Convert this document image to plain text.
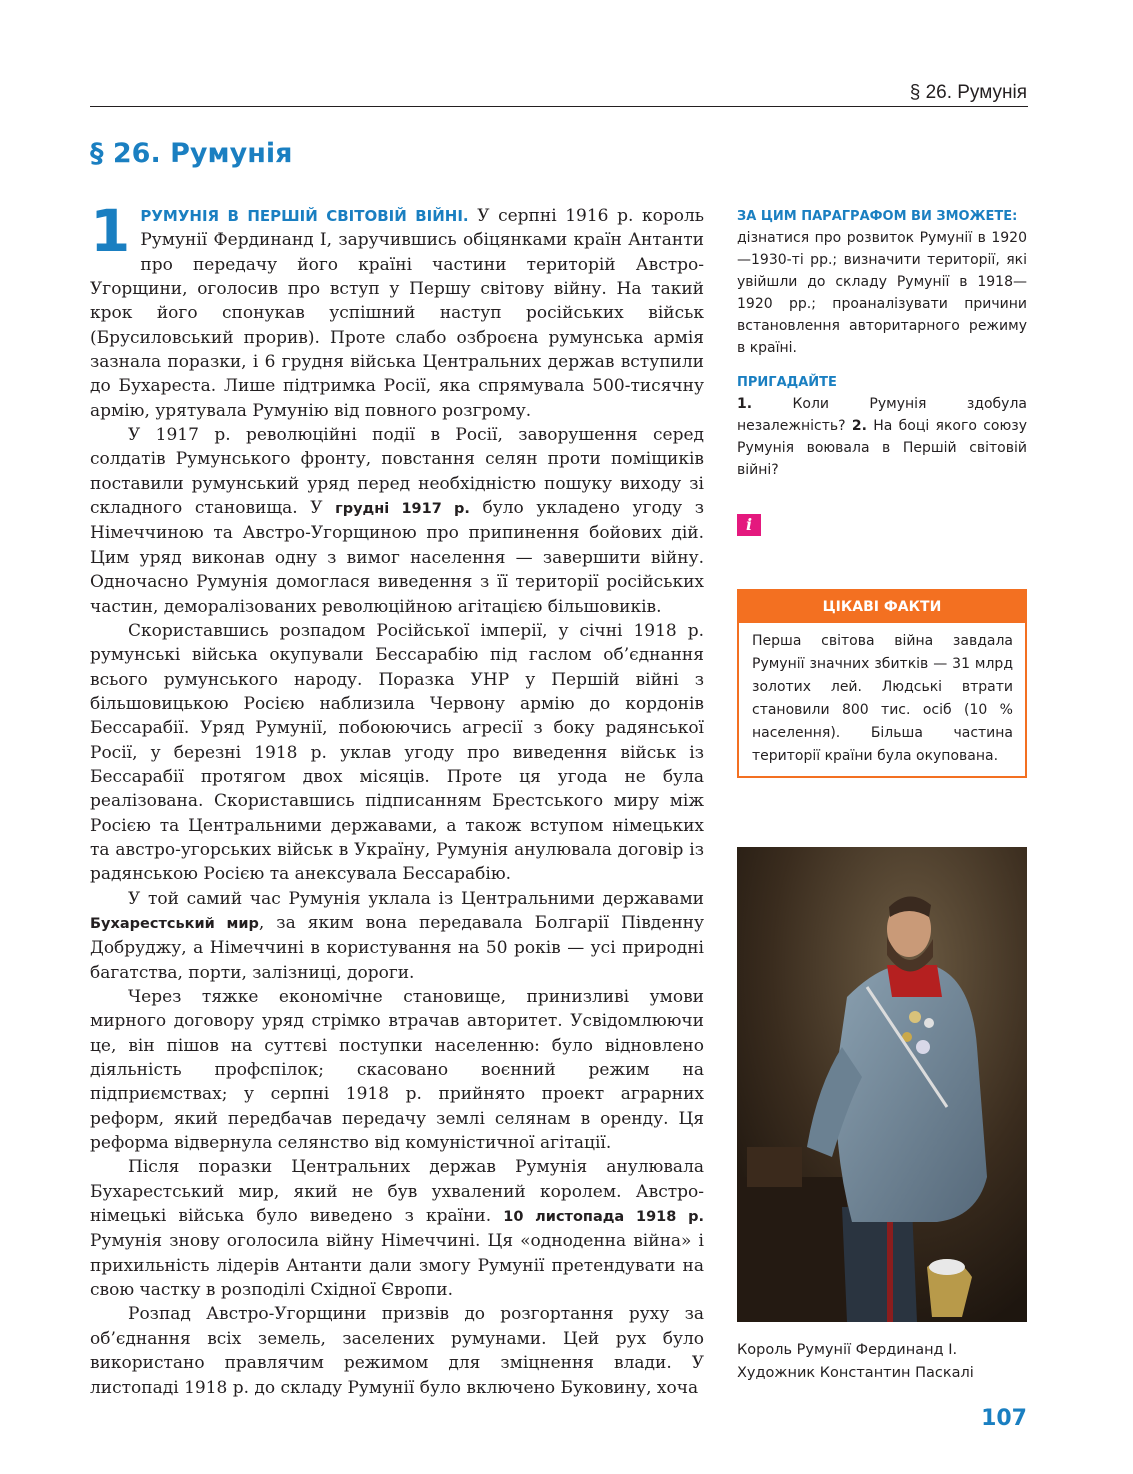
§ 26. Румунія
§ 26. Румунія

1 РУМУНІЯ В ПЕРШІЙ СВІТОВІЙ ВІЙНІ. У серпні 1916 р. король Румунії Фердинанд I, заручившись обіцянками країн Антанти про передачу його країні частини територій Австро-Угорщини, оголосив про вступ у Першу світову війну. На такий крок його спонукав успішний наступ російських військ (Брусиловський прорив). Проте слабо озброєна румунська армія зазнала поразки, і 6 грудня війська Центральних держав вступили до Бухареста. Лише підтримка Росії, яка спрямувала 500-тисячну армію, урятувала Румунію від повного розгрому.

У 1917 р. революційні події в Росії, заворушення серед солдатів Румунського фронту, повстання селян проти поміщиків поставили румунський уряд перед необхідністю пошуку виходу зі складного становища. У грудні 1917 р. було укладено угоду з Німеччиною та Австро-Угорщиною про припинення бойових дій. Цим уряд виконав одну з вимог населення — завершити війну. Одночасно Румунія домоглася виведення з її території російських частин, деморалізованих революційною агітацією більшовиків.

Скориставшись розпадом Російської імперії, у січні 1918 р. румунські війська окупували Бессарабію під гаслом об’єднання всього румунського народу. Поразка УНР у Першій війні з більшовицькою Росією наблизила Червону армію до кордонів Бессарабії. Уряд Румунії, побоюючись агресії з боку радянської Росії, у березні 1918 р. уклав угоду про виведення військ із Бессарабії протягом двох місяців. Проте ця угода не була реалізована. Скориставшись підписанням Брестського миру між Росією та Центральними державами, а також вступом німецьких та австро-угорських військ в Україну, Румунія анулювала договір із радянською Росією та анексувала Бессарабію.

У той самий час Румунія уклала із Центральними державами Бухарестський мир, за яким вона передавала Болгарії Південну Добруджу, а Німеччині в користування на 50 років — усі природні багатства, порти, залізниці, дороги.

Через тяжке економічне становище, принизливі умови мирного договору уряд стрімко втрачав авторитет. Усвідомлюючи це, він пішов на суттєві поступки населенню: було відновлено діяльність профспілок; скасовано воєнний режим на підприємствах; у серпні 1918 р. прийнято проект аграрних реформ, який передбачав передачу землі селянам в оренду. Ця реформа відвернула селянство від комуністичної агітації.

Після поразки Центральних держав Румунія анулювала Бухарестський мир, який не був ухвалений королем. Австро-німецькі війська було виведено з країни. 10 листопада 1918 р. Румунія знову оголосила війну Німеччині. Ця «одноденна війна» і прихильність лідерів Антанти дали змогу Румунії претендувати на свою частку в розподілі Східної Європи.

Розпад Австро-Угорщини призвів до розгортання руху за об’єднання всіх земель, заселених румунами. Цей рух було використано правлячим режимом для зміцнення влади. У листопаді 1918 р. до складу Румунії було включено Буковину, хоча

ЗА ЦИМ ПАРАГРАФОМ ВИ ЗМОЖЕТЕ:
дізнатися про розвиток Румунії в 1920—1930-ті рр.; визначити території, які увійшли до складу Румунії в 1918—1920 рр.; проаналізувати причини встановлення авторитарного режиму в країні.
ПРИГАДАЙТЕ
1. Коли Румунія здобула незалежність? 2. На боці якого союзу Румунія воювала в Першій світовій війні?
i
ЦІКАВІ ФАКТИ
Перша світова війна завдала Румунії значних збитків — 31 млрд золотих лей. Людські втрати становили 800 тис. осіб (10 % населення). Більша частина території країни була окупована.
Король Румунії Фердинанд I.
Художник Константин Паскалі
107
